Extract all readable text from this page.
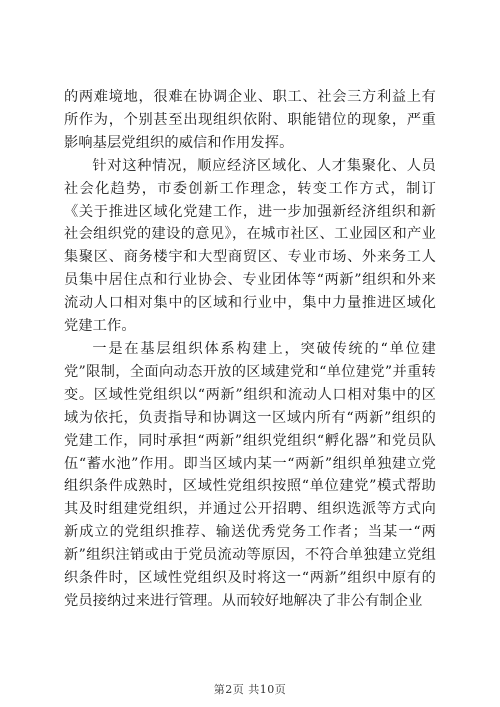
的两难境地，很难在协调企业、职工、社会三方利益上有所作为，个别甚至出现组织依附、职能错位的现象，严重影响基层党组织的威信和作用发挥。

针对这种情况，顺应经济区域化、人才集聚化、人员社会化趋势，市委创新工作理念，转变工作方式，制订《关于推进区域化党建工作，进一步加强新经济组织和新社会组织党的建设的意见》，在城市社区、工业园区和产业集聚区、商务楼宇和大型商贸区、专业市场、外来务工人员集中居住点和行业协会、专业团体等“两新”组织和外来流动人口相对集中的区域和行业中，集中力量推进区域化党建工作。

一是在基层组织体系构建上，突破传统的“单位建党”限制，全面向动态开放的区域建党和“单位建党”并重转变。区域性党组织以“两新”组织和流动人口相对集中的区域为依托，负责指导和协调这一区域内所有“两新”组织的党建工作，同时承担“两新”组织党组织“孵化器”和党员队伍“蓄水池”作用。即当区域内某一“两新”组织单独建立党组织条件成熟时，区域性党组织按照“单位建党”模式帮助其及时组建党组织，并通过公开招聘、组织选派等方式向新成立的党组织推荐、输送优秀党务工作者；当某一“两新”组织注销或由于党员流动等原因，不符合单独建立党组织条件时，区域性党组织及时将这一“两新”组织中原有的党员接纳过来进行管理。从而较好地解决了非公有制企业

第2页 共10页
